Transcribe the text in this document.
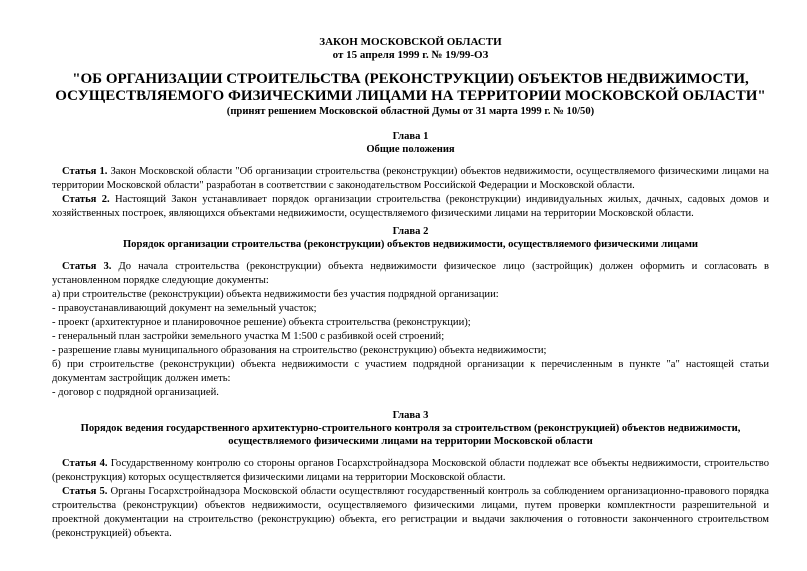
ЗАКОН МОСКОВСКОЙ ОБЛАСТИ
от 15 апреля 1999 г. № 19/99-ОЗ
"ОБ ОРГАНИЗАЦИИ СТРОИТЕЛЬСТВА (РЕКОНСТРУКЦИИ) ОБЪЕКТОВ НЕДВИЖИМОСТИ,
ОСУЩЕСТВЛЯЕМОГО ФИЗИЧЕСКИМИ ЛИЦАМИ НА ТЕРРИТОРИИ МОСКОВСКОЙ ОБЛАСТИ"
(принят решением Московской областной Думы от 31 марта 1999 г. № 10/50)
Глава 1
Общие положения

Статья 1. Закон Московской области "Об организации строительства (реконструкции) объектов недвижимости, осуществляемого физическими лицами на территории Московской области" разработан в соответствии с законодательством Российской Федерации и Московской области.

Статья 2. Настоящий Закон устанавливает порядок организации строительства (реконструкции) индивидуальных жилых, дачных, садовых домов и хозяйственных построек, являющихся объектами недвижимости, осуществляемого физическими лицами на территории Московской области.

Глава 2
Порядок организации строительства (реконструкции) объектов недвижимости, осуществляемого физическими лицами

Статья 3. До начала строительства (реконструкции) объекта недвижимости физическое лицо (застройщик) должен оформить и согласовать в установленном порядке следующие документы:

а) при строительстве (реконструкции) объекта недвижимости без участия подрядной организации:

- правоустанавливающий документ на земельный участок;

- проект (архитектурное и планировочное решение) объекта строительства (реконструкции);

- генеральный план застройки земельного участка М 1:500 с разбивкой осей строений;

- разрешение главы муниципального образования на строительство (реконструкцию) объекта недвижимости;

б) при строительстве (реконструкции) объекта недвижимости с участием подрядной организации к перечисленным в пункте "а" настоящей статьи документам застройщик должен иметь:

- договор с подрядной организацией.

Глава 3
Порядок ведения государственного архитектурно-строительного контроля за строительством (реконструкцией) объектов недвижимости,
осуществляемого физическими лицами на территории Московской области

Статья 4. Государственному контролю со стороны органов Госархстройнадзора Московской области подлежат все объекты недвижимости, строительство (реконструкция) которых осуществляется физическими лицами на территории Московской области.

Статья 5. Органы Госархстройнадзора Московской области осуществляют государственный контроль за соблюдением организационно-правового порядка строительства (реконструкции) объектов недвижимости, осуществляемого физическими лицами, путем проверки комплектности разрешительной и проектной документации на строительство (реконструкцию) объекта, его регистрации и выдачи заключения о готовности законченного строительством (реконструкцией) объекта.
